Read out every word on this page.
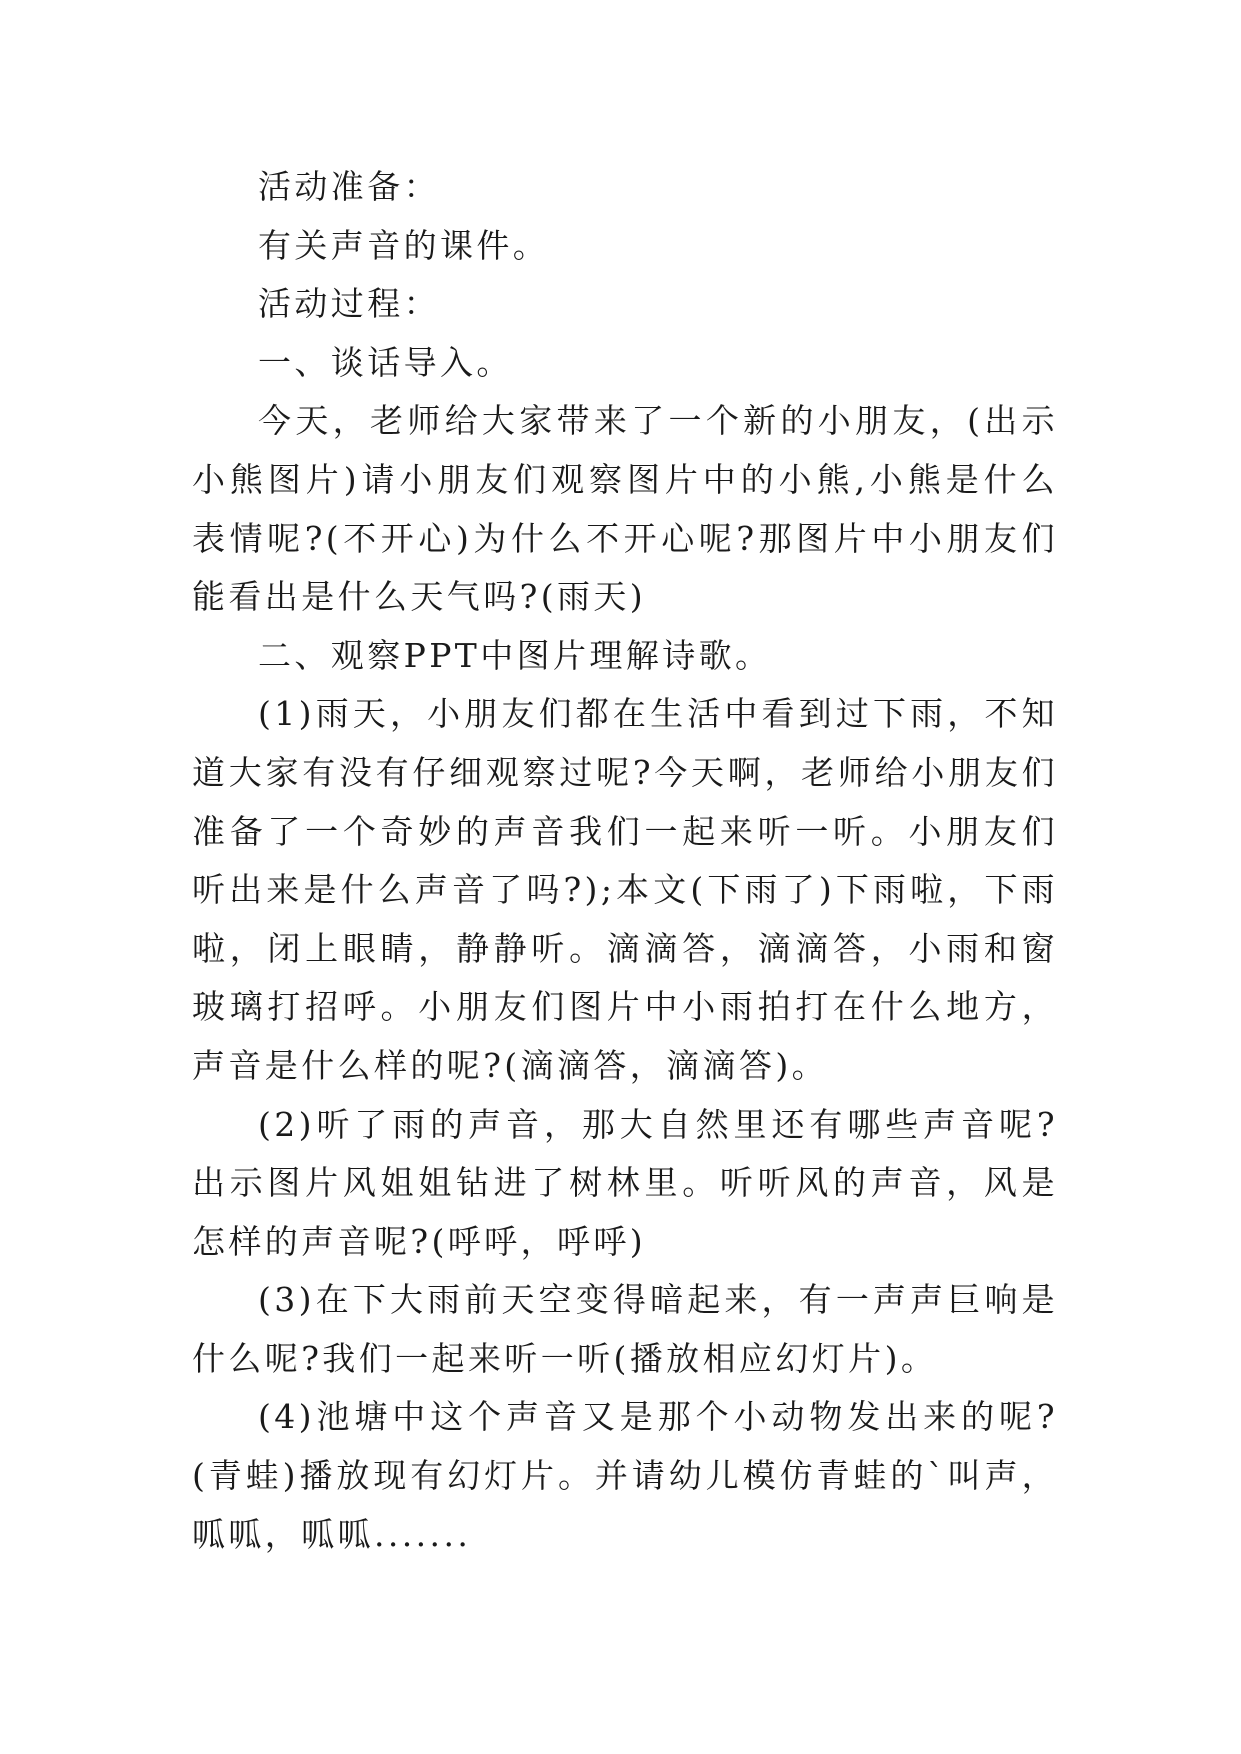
活动准备：

有关声音的课件。

活动过程：

一、谈话导入。

今天，老师给大家带来了一个新的小朋友，(出示小熊图片)请小朋友们观察图片中的小熊,小熊是什么表情呢?(不开心)为什么不开心呢?那图片中小朋友们能看出是什么天气吗?(雨天)

二、观察PPT中图片理解诗歌。

(1)雨天，小朋友们都在生活中看到过下雨，不知道大家有没有仔细观察过呢?今天啊，老师给小朋友们准备了一个奇妙的声音我们一起来听一听。小朋友们听出来是什么声音了吗?);本文(下雨了)下雨啦，下雨啦，闭上眼睛，静静听。滴滴答，滴滴答，小雨和窗玻璃打招呼。小朋友们图片中小雨拍打在什么地方，声音是什么样的呢?(滴滴答，滴滴答)。

(2)听了雨的声音，那大自然里还有哪些声音呢?出示图片风姐姐钻进了树林里。听听风的声音，风是怎样的声音呢?(呼呼，呼呼)

(3)在下大雨前天空变得暗起来，有一声声巨响是什么呢?我们一起来听一听(播放相应幻灯片)。

(4)池塘中这个声音又是那个小动物发出来的呢?(青蛙)播放现有幻灯片。并请幼儿模仿青蛙的`叫声，呱呱，呱呱.......
